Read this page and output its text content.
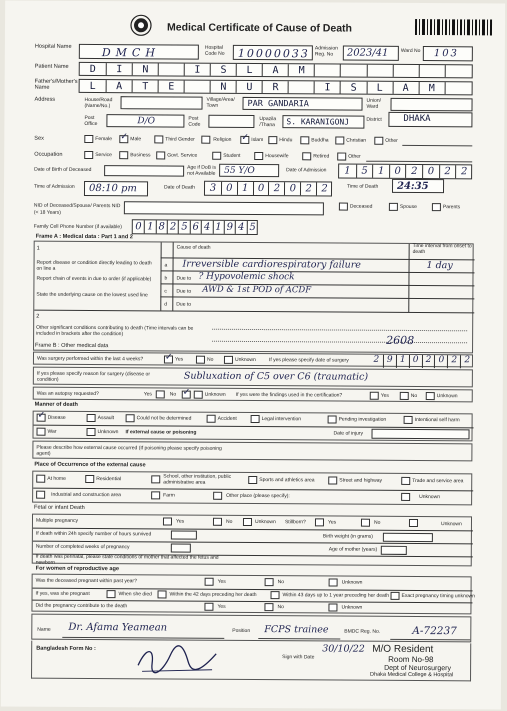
Medical Certificate of Cause of Death
Hospital Name	DMCH	Hospital Code No	10000033 Admission Reg. No	2023/41 Ward No 103
Patient Name	D	I	N	I	S	L	A	M
Father's/Mother's Name	L	A	T	E	N	U	R	I	S	L	A	M
Address	House/Road (Name/No.)
Village/Area/ Town	PAR GANDARIA	Union/ Ward
Post Office	D/O	Post Code
Upazila /Thana	S. KARANIGONJ	District DHAKA
Sex	Female ✓ Male	Third Gender	Religion ✓ Islam	Hindu	Buddha	Christian	Other
Occupation	Service	Business	Govt. Service	Student	Housewife	Retired	Other
Date of Birth of Deceased	Age if DoB is not Available 55 Y/O	Date of Admission	1	5	1	0	2	0	2	2
Time of Admission 08:10 pm	Date of Death	3 0 1 0 2 0 2 2	Time of Death 24:35
NID of Deceased/Spouse/ Parents NID (< 18 Years)
Deceased	Spouse	Parents
Family Cell Phone Number (if available) 0 1 8 2 5 6 4 1 9 4 5
Frame A : Medical data : Part 1 and 2
1
Report disease or condition directly leading to death on line a
Report chain of events in due to order (if applicable)
State the underlying cause on the lowest used line
Cause of death	Time interval from onset to death
a Irreversible cardiorespiratory failure	1 day
b Due to ? Hypovolemic shock
c Due to AWD & 1st POD of ACDF
d Due to
2
Other significant conditions contributing to death (Time intervals can be included in brackets after the condition)
Frame B : Other medical data	2608
Was surgery performed within the last 4 weeks? ✓ Yes	No	Unknown	If yes please specify date of surgery	2 9 1 0 2 0 2 2
If yes please specify reason for surgery (disease or condition)	Subluxation of C5 over C6 (traumatic)
Was an autopsy requested?	Yes	No ✓	Unknown If yes were the findings used in the certification?	Yes	No	Unknown
Manner of death
✓ Disease	Assault	Could not be determined	Accident	Legal intervention	Pending investigation	Intentional self harm
War	Unknown If external cause or poisoning	Date of injury
Please describe how external cause occurred (If poisoning please specify poisoning agent)
Place of Occurrence of the external cause
At home	Residential	School, other institution, public administrative area	Sports and athletics area	Street and highway	Trade and service area
Industrial and construction area	Farm	Other place (please specify):	Unknown
Fetal or infant Death
Multiple pregnancy	Yes	No	Unknown Stillborn?	Yes	No	Unknown
If death within 24h specify number of hours survived	Birth weight (in grams)
Number of completed weeks of pregnancy	Age of mother (years)
If death was perinatal, please state conditions of mother that affected the fetus and newborn
For women of reproductive age
Was the deceased pregnant within past year?	Yes	No	Unknown
If yes, was she pregnant	When she died	Within the 42 days preceding her death	Within 43 days up to 1 year preceding her death Exact pregnancy timing unknown
Did the pregnancy contribute to the death	Yes	No	Unknown
Name Dr. Afama Yeamean	Position FCPS trainee	BMDC Reg. No.	A-72237
Bangladesh Form No :
Sign with Date
30/10/22 M/O Resident
Room No-98
Dept of Neurosurgery
Dhaka Medical College & Hospital
